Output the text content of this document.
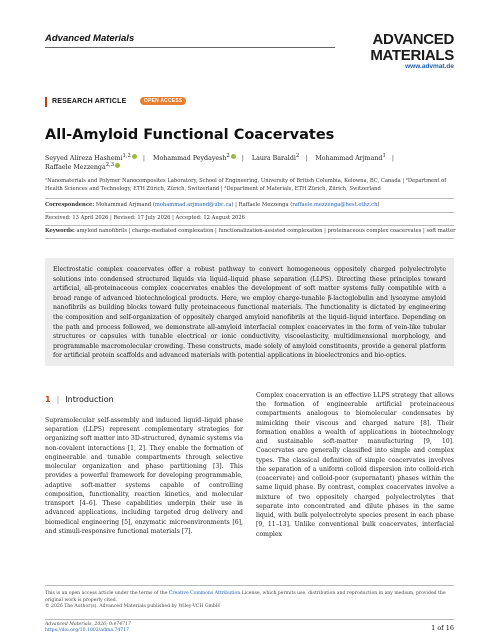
Advanced Materials	ADVANCED
MATERIALS
www.advmat.de
RESEARCH ARTICLE	OPEN ACCESS
All-Amyloid Functional Coacervates
Seyyed Alireza Hashemi$^{1,2}$ | Mohammad Peydayesh$^2$ | Laura Baraldi$^2$ | Mohammad Arjmand$^1$ |
Raffaele Mezzenga$^{2,3}$
¹Nanomaterials and Polymer Nanocomposites Laboratory, School of Engineering, University of British Columbia, Kelowna, BC, Canada | ²Department of Health Sciences and Technology, ETH Zürich, Zürich, Switzerland | ³Department of Materials, ETH Zürich, Zürich, Switzerland
Correspondence: Mohammad Arjmand (mohammad.arjmand@ubc.ca) | Raffaele Mezzenga (raffaele.mezzenga@hest.ethz.ch)
Received: 13 April 2026 | Revised: 17 July 2026 | Accepted: 12 August 2026
Keywords: amyloid nanofibrils | charge-mediated complexation | functionalization-assisted complexation | proteinaceous complex coacervates | soft matter

Electrostatic complex coacervates offer a robust pathway to convert homogeneous oppositely charged polyelectrolyte solutions into condensed structured liquids via liquid–liquid phase separation (LLPS). Directing these principles toward artificial, all-proteinaceous complex coacervates enables the development of soft matter systems fully compatible with a broad range of advanced biotechnological products. Here, we employ charge-tunable β-lactoglobulin and lysozyme amyloid nanofibrils as building blocks toward fully proteinaceous functional materials. The functionality is dictated by engineering the composition and self-organization of oppositely charged amyloid nanofibrils at the liquid–liquid interface. Depending on the path and process followed, we demonstrate all-amyloid interfacial complex coacervates in the form of vein-like tubular structures or capsules with tunable electrical or ionic conductivity, viscoelasticity, multidimensional morphology, and programmable macromolecular crowding. These constructs, made solely of amyloid constituents, provide a general platform for artificial protein scaffolds and advanced materials with potential applications in bioelectronics and bio-optics.

1 | Introduction
Supramolecular self-assembly and induced liquid–liquid phase separation (LLPS) represent complementary strategies for organizing soft matter into 3D-structured, dynamic systems via non-covalent interactions [1, 2]. They enable the formation of engineerable and tunable compartments through selective molecular organization and phase partitioning [3]. This provides a powerful framework for developing programmable, adaptive soft-matter systems capable of controlling composition, functionality, reaction kinetics, and molecular transport [4–6]. These capabilities underpin their use in advanced applications, including targeted drug delivery and biomedical engineering [5], enzymatic microenvironments [6], and stimuli-responsive functional materials [7].
Complex coacervation is an effective LLPS strategy that allows the formation of engineerable artificial proteinaceous compartments analogous to biomolecular condensates by mimicking their viscous and charged nature [8]. Their formation enables a wealth of applications in biotechnology and sustainable soft-matter manufacturing [9, 10]. Coacervates are generally classified into simple and complex types. The classical definition of simple coacervates involves the separation of a uniform colloid dispersion into colloid-rich (coacervate) and colloid-poor (supernatant) phases within the same liquid phase. By contrast, complex coacervates involve a mixture of two oppositely charged polyelectrolytes that separate into concentrated and dilute phases in the same liquid, with bulk polyelectrolyte species present in each phase [9, 11–13]. Unlike conventional bulk coacervates, interfacial complex
This is an open access article under the terms of the Creative Commons Attribution License, which permits use, distribution and reproduction in any medium, provided the original work is properly cited.
© 2026 The Author(s). Advanced Materials published by Wiley-VCH GmbH
Advanced Materials, 2026; 0:e74717
https://doi.org/10.1002/adma.74717	1 of 16
